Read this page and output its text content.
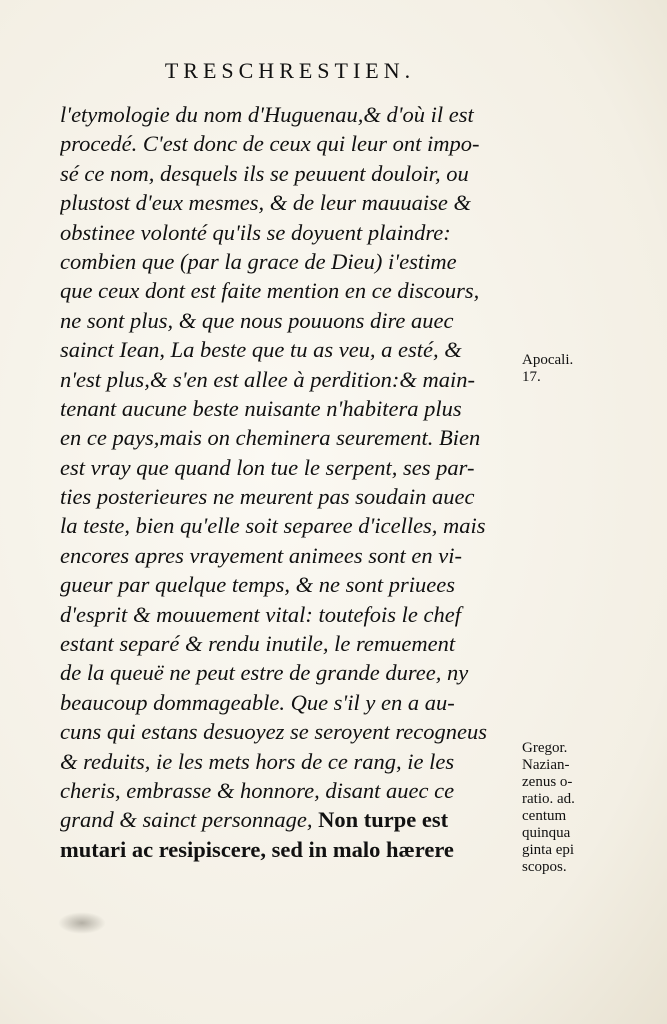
TRESCHRESTIEN.
l'etymologie du nom d'Huguenau,& d'où il est
procedé. C'est donc de ceux qui leur ont impo-
sé ce nom, desquels ils se peuuent douloir, ou
plustost d'eux mesmes, & de leur mauuaise &
obstinee volonté qu'ils se doyuent plaindre:
combien que (par la grace de Dieu) i'estime
que ceux dont est faite mention en ce discours,
ne sont plus, & que nous pouuons dire auec
sainct Iean, La beste que tu as veu, a esté, &
n'est plus,& s'en est allee à perdition:& main-
tenant aucune beste nuisante n'habitera plus
en ce pays,mais on cheminera seurement. Bien
est vray que quand lon tue le serpent, ses par-
ties posterieures ne meurent pas soudain auec
la teste, bien qu'elle soit separee d'icelles, mais
encores apres vrayement animees sont en vi-
gueur par quelque temps, & ne sont priuees
d'esprit & mouuement vital: toutefois le chef
estant separé & rendu inutile, le remuement
de la queuë ne peut estre de grande duree, ny
beaucoup dommageable. Que s'il y en a au-
cuns qui estans desuoyez se seroyent recogneus
& reduits, ie les mets hors de ce rang, ie les
cheris, embrasse & honnore, disant auec ce
grand & sainct personnage, Non turpe est
mutari ac resipiscere, sed in malo hærere
Apocali.
17.
Gregor.
Nazian-
zenus o-
ratio. ad.
centum
quinqua
ginta epi
scopos.
